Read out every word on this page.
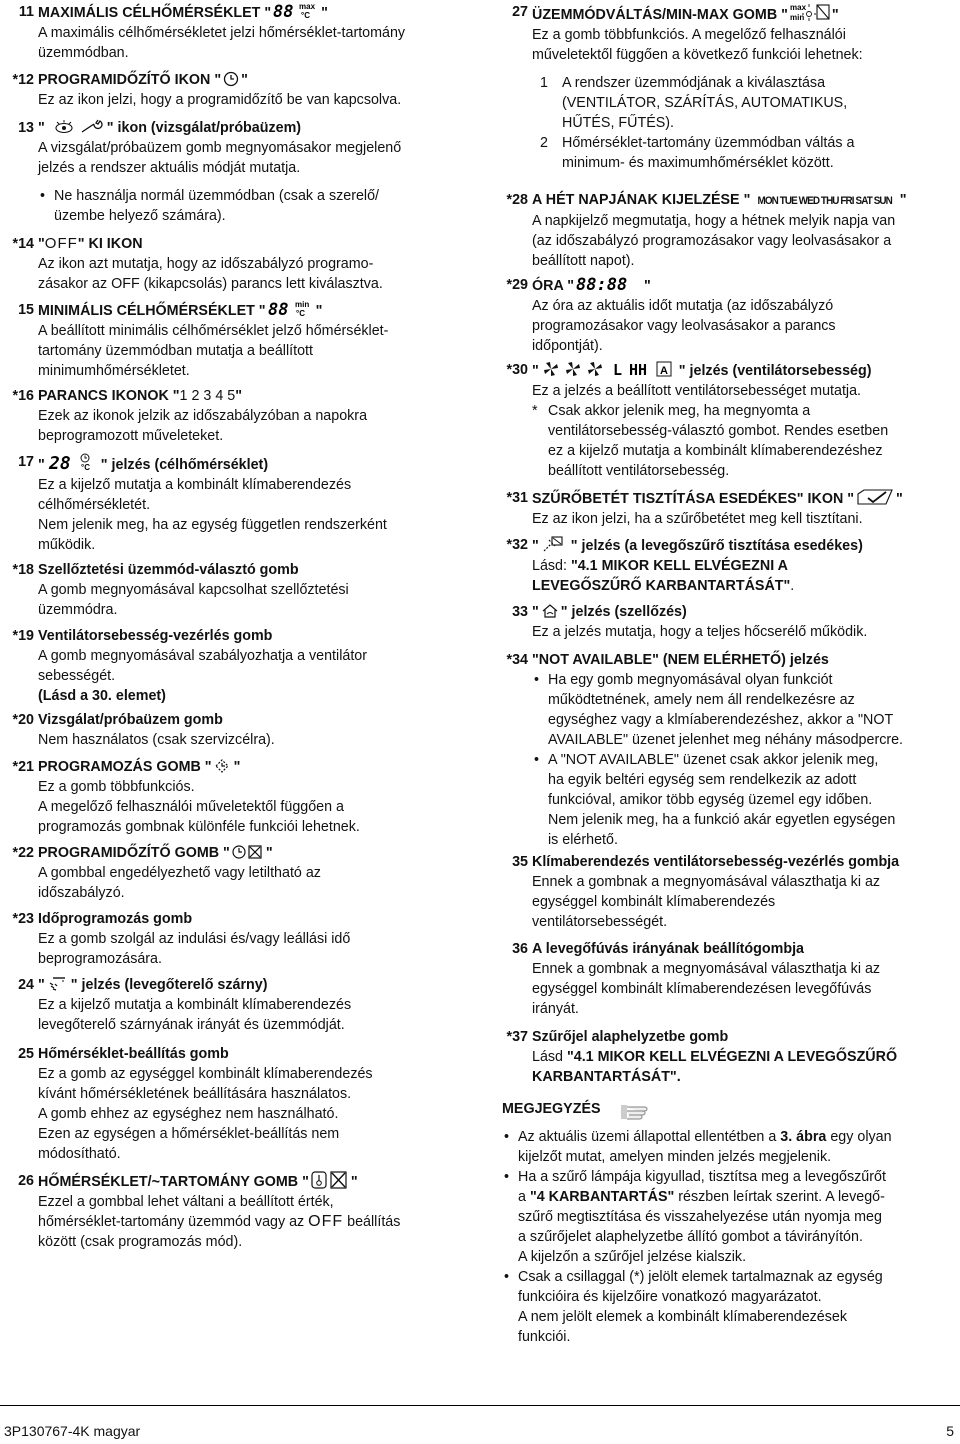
11 MAXIMÁLIS CÉLHŐMÉRSÉKLET " 88 max
°C "
A maximális célhőmérsékletet jelzi hőmérséklet-tartomány
üzemmódban.
*12 PROGRAMIDŐZÍTŐ IKON " "
Ez az ikon jelzi, hogy a programidőzítő be van kapcsolva.
13 "	" ikon (vizsgálat/próbaüzem)
A vizsgálat/próbaüzem gomb megnyomásakor megjelenő
jelzés a rendszer aktuális módját mutatja.
• Ne használja normál üzemmódban (csak a szerelő/
üzembe helyező számára).
*14 "OFF" KI IKON
Az ikon azt mutatja, hogy az időszabályzó programo-
zásakor az OFF (kikapcsolás) parancs lett kiválasztva.
15 MINIMÁLIS CÉLHŐMÉRSÉKLET " 88 min
°C "
A beállított minimális célhőmérséklet jelző hőmérséklet-
tartomány üzemmódban mutatja a beállított
minimumhőmérsékletet.
*16 PARANCS IKONOK "1 2 3 4 5"
Ezek az ikonok jelzik az időszabályzóban a napokra
beprogramozott műveleteket.
17 " 28 °C " jelzés (célhőmérséklet)
Ez a kijelző mutatja a kombinált klímaberendezés
célhőmérsékletét.
Nem jelenik meg, ha az egység független rendszerként
működik.
*18 Szellőztetési üzemmód-választó gomb
A gomb megnyomásával kapcsolhat szellőztetési
üzemmódra.
*19 Ventilátorsebesség-vezérlés gomb
A gomb megnyomásával szabályozhatja a ventilátor
sebességét.
(Lásd a 30. elemet)
*20 Vizsgálat/próbaüzem gomb
Nem használatos (csak szervizcélra).
*21 PROGRAMOZÁS GOMB " "
Ez a gomb többfunkciós.
A megelőző felhasználói műveletektől függően a
programozás gombnak különféle funkciói lehetnek.
*22 PROGRAMIDŐZÍTŐ GOMB "	"
A gombbal engedélyezhető vagy letiltható az
időszabályzó.
*23 Időprogramozás gomb
Ez a gomb szolgál az indulási és/vagy leállási idő
beprogramozására.
24 " " jelzés (levegőterelő szárny)
Ez a kijelző mutatja a kombinált klímaberendezés
levegőterelő szárnyának irányát és üzemmódját.
25 Hőmérséklet-beállítás gomb
Ez a gomb az egységgel kombinált klímaberendezés
kívánt hőmérsékletének beállítására használatos.
A gomb ehhez az egységhez nem használható.
Ezen az egységen a hőmérséklet-beállítás nem
módosítható.
26 HŐMÉRSÉKLET/~TARTOMÁNY GOMB "	"
Ezzel a gombbal lehet váltani a beállított érték,
hőmérséklet-tartomány üzemmód vagy az OFF beállítás
között (csak programozás mód).
27 ÜZEMMÓDVÁLTÁS/MIN-MAX GOMB " max
min "
Ez a gomb többfunkciós. A megelőző felhasználói
műveletektől függően a következő funkciói lehetnek:
1 A rendszer üzemmódjának a kiválasztása
(VENTILÁTOR, SZÁRÍTÁS, AUTOMATIKUS,
HŰTÉS, FŰTÉS).
2 Hőmérséklet-tartomány üzemmódban váltás a
minimum- és maximumhőmérséklet között.
*28 A HÉT NAPJÁNAK KIJELZÉSE " MON TUE WED THU FRI SAT SUN "
A napkijelző megmutatja, hogy a hétnek melyik napja van
(az időszabályzó programozásakor vagy leolvasásakor a
beállított napot).
*29 ÓRA " 88:88 "
Az óra az aktuális időt mutatja (az időszabályzó
programozásakor vagy leolvasásakor a parancs
időpontját).
*30 "	L HH A " jelzés (ventilátorsebesség)
Ez a jelzés a beállított ventilátorsebességet mutatja.
* Csak akkor jelenik meg, ha megnyomta a
ventilátorsebesség-választó gombot. Rendes esetben
ez a kijelző mutatja a kombinált klímaberendezéshez
beállított ventilátorsebesség.
*31 SZŰRŐBETÉT TISZTÍTÁSA ESEDÉKES" IKON "	"
Ez az ikon jelzi, ha a szűrőbetétet meg kell tisztítani.
*32 " " jelzés (a levegőszűrő tisztítása esedékes)
Lásd: "4.1 MIKOR KELL ELVÉGEZNI A
LEVEGŐSZŰRŐ KARBANTARTÁSÁT".
33 " " jelzés (szellőzés)
Ez a jelzés mutatja, hogy a teljes hőcserélő működik.
*34 "NOT AVAILABLE" (NEM ELÉRHETŐ) jelzés
• Ha egy gomb megnyomásával olyan funkciót
működtetnének, amely nem áll rendelkezésre az
egységhez vagy a klmíaberendezéshez, akkor a "NOT
AVAILABLE" üzenet jelenhet meg néhány másodpercre.
• A "NOT AVAILABLE" üzenet csak akkor jelenik meg,
ha egyik beltéri egység sem rendelkezik az adott
funkcióval, amikor több egység üzemel egy időben.
Nem jelenik meg, ha a funkció akár egyetlen egységen
is elérhető.
35 Klímaberendezés ventilátorsebesség-vezérlés gombja
Ennek a gombnak a megnyomásával választhatja ki az
egységgel kombinált klímaberendezés
ventilátorsebességét.
36 A levegőfúvás irányának beállítógombja
Ennek a gombnak a megnyomásával választhatja ki az
egységgel kombinált klímaberendezésen levegőfúvás
irányát.
*37 Szűrőjel alaphelyzetbe gomb
Lásd "4.1 MIKOR KELL ELVÉGEZNI A LEVEGŐSZŰRŐ
KARBANTARTÁSÁT".
MEGJEGYZÉS
• Az aktuális üzemi állapottal ellentétben a 3. ábra egy olyan
kijelzőt mutat, amelyen minden jelzés megjelenik.
• Ha a szűrő lámpája kigyullad, tisztítsa meg a levegőszűrőt
a "4 KARBANTARTÁS" részben leírtak szerint. A levegő-
szűrő megtisztítása és visszahelyezése után nyomja meg
a szűrőjelet alaphelyzetbe állító gombot a távirányítón.
A kijelzőn a szűrőjel jelzése kialszik.
• Csak a csillaggal (*) jelölt elemek tartalmaznak az egység
funkcióira és kijelzőire vonatkozó magyarázatot.
A nem jelölt elemek a kombinált klímaberendezések
funkciói.
3P130767-4K magyar	5
